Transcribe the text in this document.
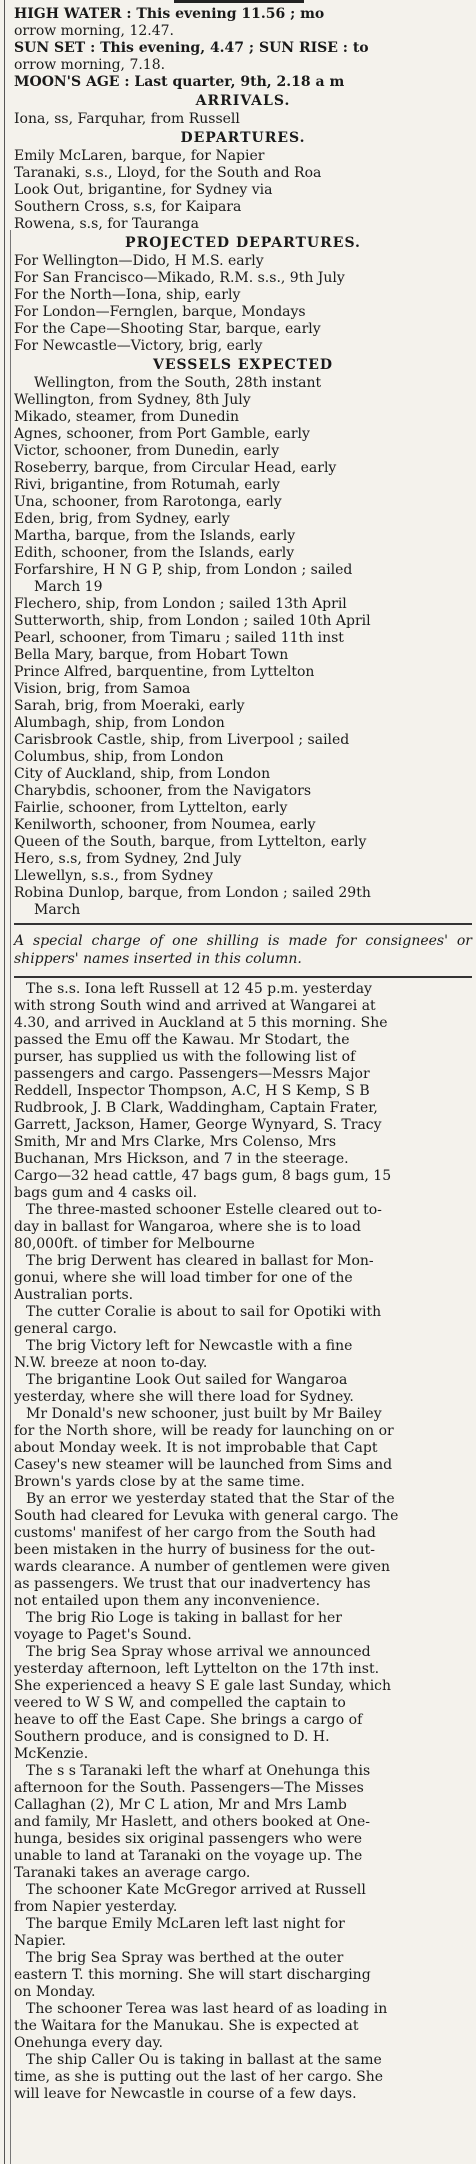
HIGH WATER : This evening 11.56 ; mo
orrow morning, 12.47.
SUN SET : This evening, 4.47 ; SUN RISE : to
orrow morning, 7.18.
MOON'S AGE : Last quarter, 9th, 2.18 a m
ARRIVALS.
Iona, ss, Farquhar, from Russell
DEPARTURES.
Emily McLaren, barque, for Napier
Taranaki, s.s., Lloyd, for the South and Roa
Look Out, brigantine, for Sydney via
Southern Cross, s.s, for Kaipara
Rowena, s.s, for Tauranga
PROJECTED DEPARTURES.
For Wellington—Dido, H M.S. early
For San Francisco—Mikado, R.M. s.s., 9th July
For the North—Iona, ship, early
For London—Fernglen, barque, Mondays
For the Cape—Shooting Star, barque, early
For Newcastle—Victory, brig, early
VESSELS EXPECTED
Wellington, from the South, 28th instant
Wellington, from Sydney, 8th July
Mikado, steamer, from Dunedin
Agnes, schooner, from Port Gamble, early
Victor, schooner, from Dunedin, early
Roseberry, barque, from Circular Head, early
Rivi, brigantine, from Rotumah, early
Una, schooner, from Rarotonga, early
Eden, brig, from Sydney, early
Martha, barque, from the Islands, early
Edith, schooner, from the Islands, early
Forfarshire, H N G P, ship, from London ; sailed
March 19
Flechero, ship, from London ; sailed 13th April
Sutterworth, ship, from London ; sailed 10th April
Pearl, schooner, from Timaru ; sailed 11th inst
Bella Mary, barque, from Hobart Town
Prince Alfred, barquentine, from Lyttelton
Vision, brig, from Samoa
Sarah, brig, from Moeraki, early
Alumbagh, ship, from London
Carisbrook Castle, ship, from Liverpool ; sailed
Columbus, ship, from London
City of Auckland, ship, from London
Charybdis, schooner, from the Navigators
Fairlie, schooner, from Lyttelton, early
Kenilworth, schooner, from Noumea, early
Queen of the South, barque, from Lyttelton, early
Hero, s.s, from Sydney, 2nd July
Llewellyn, s.s., from Sydney
Robina Dunlop, barque, from London ; sailed 29th
March
A special charge of one shilling is made for consignees' or shippers' names inserted in this column.
The s.s. Iona left Russell at 12 45 p.m. yesterday
with strong South wind and arrived at Wangarei at
4.30, and arrived in Auckland at 5 this morning. She
passed the Emu off the Kawau. Mr Stodart, the
purser, has supplied us with the following list of
passengers and cargo. Passengers—Messrs Major
Reddell, Inspector Thompson, A.C, H S Kemp, S B
Rudbrook, J. B Clark, Waddingham, Captain Frater,
Garrett, Jackson, Hamer, George Wynyard, S. Tracy
Smith, Mr and Mrs Clarke, Mrs Colenso, Mrs
Buchanan, Mrs Hickson, and 7 in the steerage.
Cargo—32 head cattle, 47 bags gum, 8 bags gum, 15
bags gum and 4 casks oil.
The three-masted schooner Estelle cleared out to-
day in ballast for Wangaroa, where she is to load
80,000ft. of timber for Melbourne
The brig Derwent has cleared in ballast for Mon-
gonui, where she will load timber for one of the
Australian ports.
The cutter Coralie is about to sail for Opotiki with
general cargo.
The brig Victory left for Newcastle with a fine
N.W. breeze at noon to-day.
The brigantine Look Out sailed for Wangaroa
yesterday, where she will there load for Sydney.
Mr Donald's new schooner, just built by Mr Bailey
for the North shore, will be ready for launching on or
about Monday week. It is not improbable that Capt
Casey's new steamer will be launched from Sims and
Brown's yards close by at the same time.
By an error we yesterday stated that the Star of the
South had cleared for Levuka with general cargo. The
customs' manifest of her cargo from the South had
been mistaken in the hurry of business for the out-
wards clearance. A number of gentlemen were given
as passengers. We trust that our inadvertency has
not entailed upon them any inconvenience.
The brig Rio Loge is taking in ballast for her
voyage to Paget's Sound.
The brig Sea Spray whose arrival we announced
yesterday afternoon, left Lyttelton on the 17th inst.
She experienced a heavy S E gale last Sunday, which
veered to W S W, and compelled the captain to
heave to off the East Cape. She brings a cargo of
Southern produce, and is consigned to D. H.
McKenzie.
The s s Taranaki left the wharf at Onehunga this
afternoon for the South. Passengers—The Misses
Callaghan (2), Mr C L ation, Mr and Mrs Lamb
and family, Mr Haslett, and others booked at One-
hunga, besides six original passengers who were
unable to land at Taranaki on the voyage up. The
Taranaki takes an average cargo.
The schooner Kate McGregor arrived at Russell
from Napier yesterday.
The barque Emily McLaren left last night for
Napier.
The brig Sea Spray was berthed at the outer
eastern T. this morning. She will start discharging
on Monday.
The schooner Terea was last heard of as loading in
the Waitara for the Manukau. She is expected at
Onehunga every day.
The ship Caller Ou is taking in ballast at the same
time, as she is putting out the last of her cargo. She
will leave for Newcastle in course of a few days.
